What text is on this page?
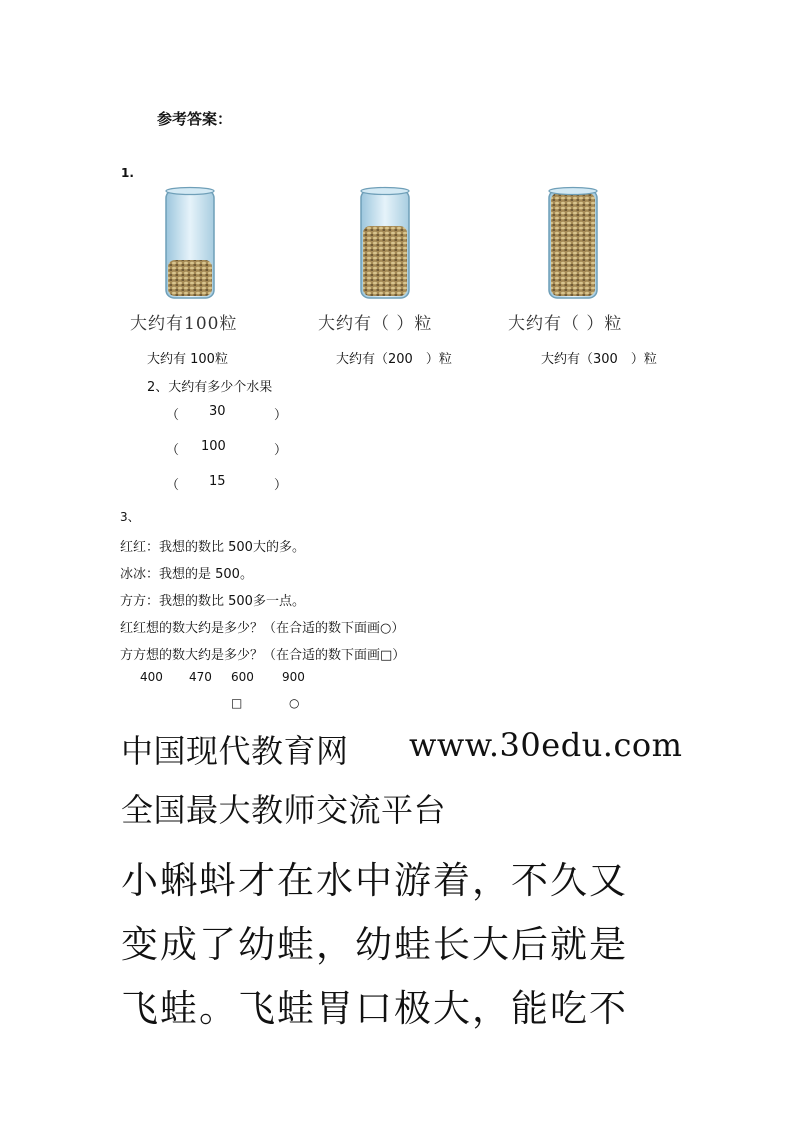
参考答案：
1.
大约有100粒	大约有（ ）粒	大约有（ ）粒
大约有 100粒	大约有（200　）粒	大约有（300　）粒
2、大约有多少个水果
（ 30	）
（ 100	）
（ 15	）
3、
红红：我想的数比 500大的多。
冰冰：我想的是 500。
方方：我想的数比 500多一点。
红红想的数大约是多少？（在合适的数下面画○）
方方想的数大约是多少？（在合适的数下面画□）
400 470 600 900
□	○
中国现代教育网 www.30edu.com
全国最大教师交流平台
小蝌蚪才在水中游着，不久又
变成了幼蛙，幼蛙长大后就是
飞蛙。飞蛙胃口极大，能吃不
